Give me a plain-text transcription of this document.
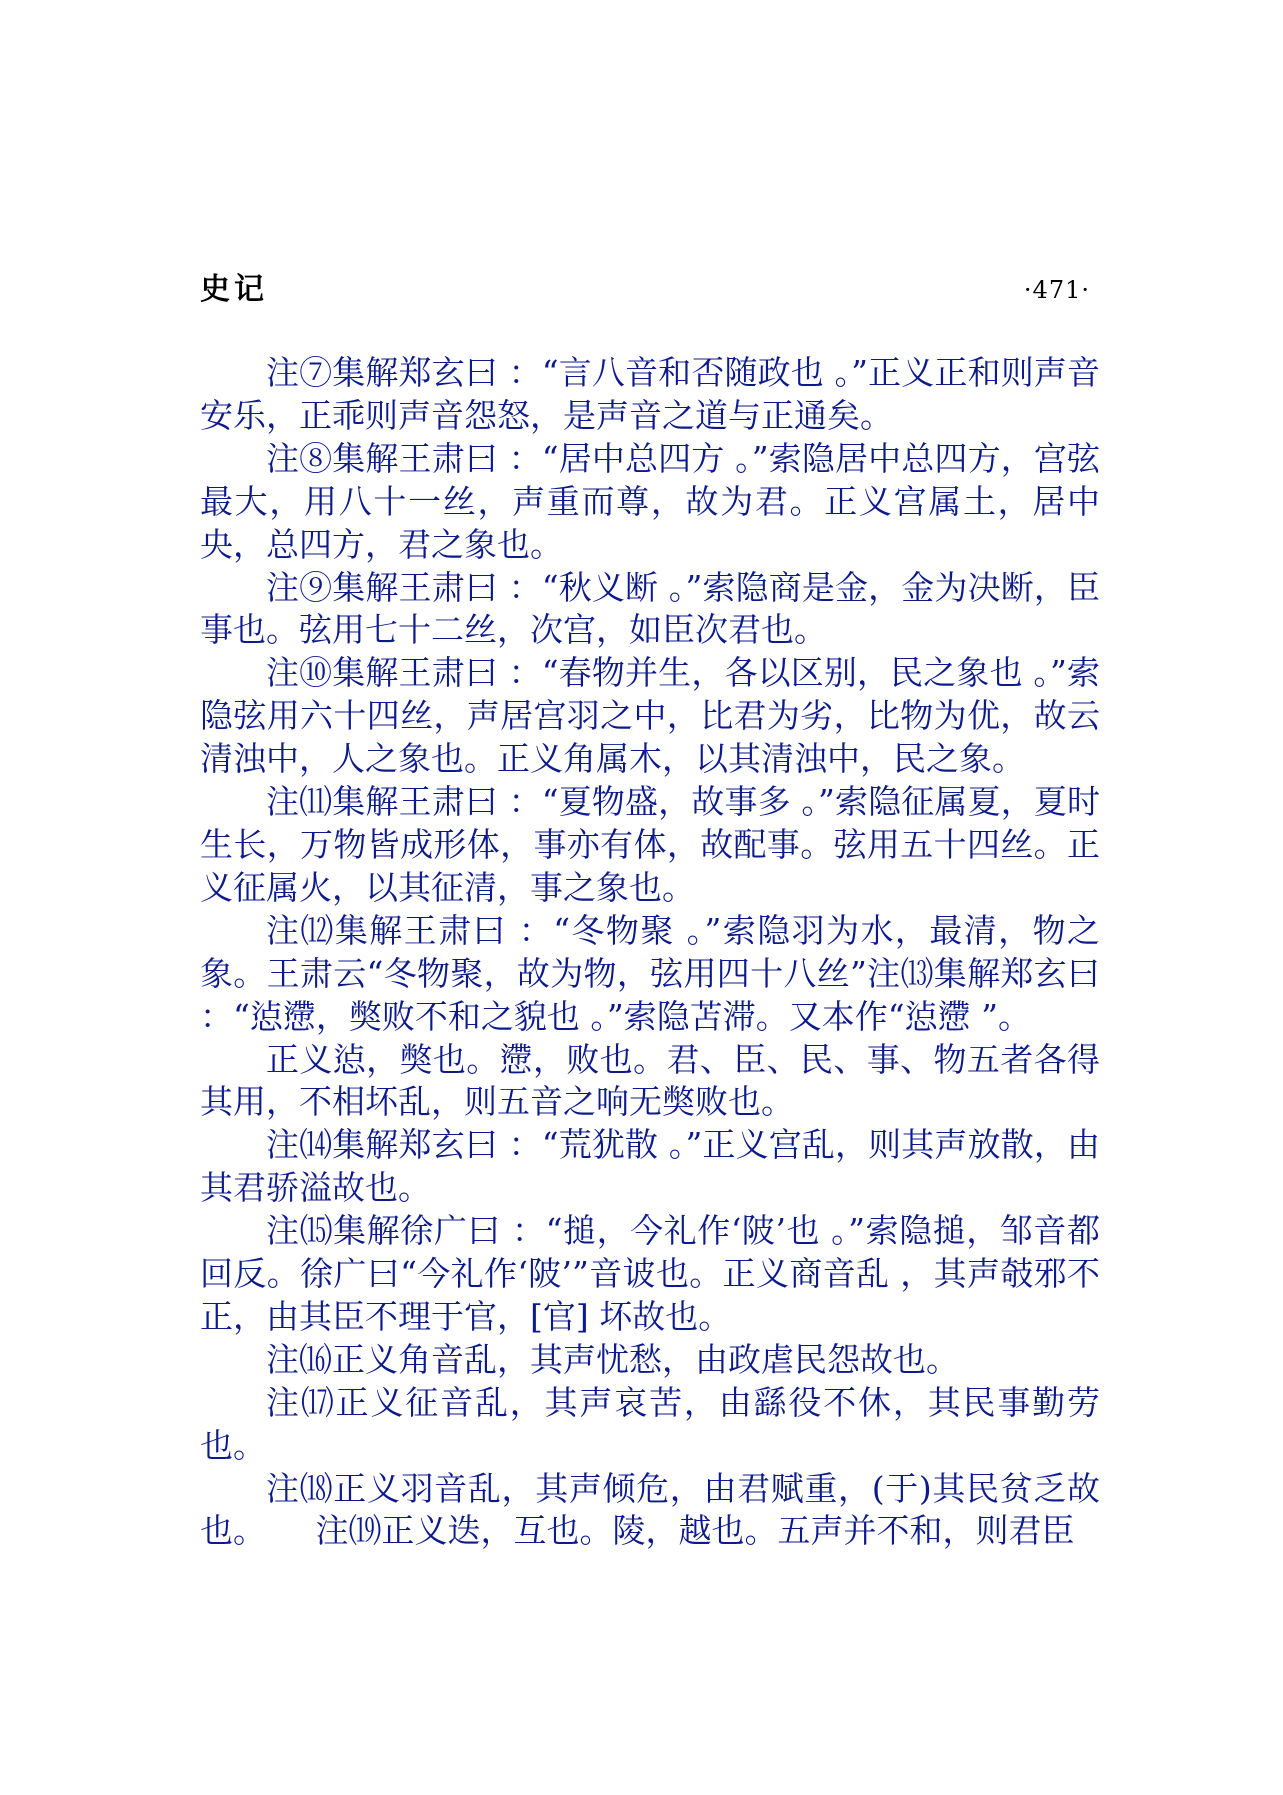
史记	·471·

注⑦集解郑玄曰 ：“言八音和否随政也 。”正义正和则声音安乐，正乖则声音怨怒，是声音之道与正通矣。

注⑧集解王肃曰 ：“居中总四方 。”索隐居中总四方，宫弦最大，用八十一丝，声重而尊，故为君。正义宫属土，居中央，总四方，君之象也。

注⑨集解王肃曰 ：“秋义断 。”索隐商是金，金为决断，臣事也。弦用七十二丝，次宫，如臣次君也。

注⑩集解王肃曰 ：“春物并生，各以区别，民之象也 。”索隐弦用六十四丝，声居宫羽之中，比君为劣，比物为优，故云清浊中，人之象也。正义角属木，以其清浊中，民之象。

注⑾集解王肃曰 ：“夏物盛，故事多 。”索隐征属夏，夏时生长，万物皆成形体，事亦有体，故配事。弦用五十四丝。正义征属火，以其征清，事之象也。

注⑿集解王肃曰 ：“冬物聚 。”索隐羽为水，最清，物之象。王肃云“冬物聚，故为物，弦用四十八丝”注⒀集解郑玄曰 ：“惉懘，獘败不和之貌也 。”索隐苫滞。又本作“惉懘 ”。

正义惉，獘也。懘，败也。君、臣、民、事、物五者各得其用，不相坏乱，则五音之响无獘败也。

注⒁集解郑玄曰 ：“荒犹散 。”正义宫乱，则其声放散，由其君骄溢故也。

注⒂集解徐广曰 ：“搥，今礼作‘陂’也 。”索隐搥，邹音都回反。徐广曰“今礼作‘陂’”音诐也。正义商音乱 ，其声攲邪不正，由其臣不理于官，[官] 坏故也。

注⒃正义角音乱，其声忧愁，由政虐民怨故也。

注⒄正义征音乱，其声哀苦，由繇役不休，其民事勤劳也。

注⒅正义羽音乱，其声倾危，由君赋重，(于)其民贫乏故也。　　注⒆正义迭，互也。陵，越也。五声并不和，则君臣
